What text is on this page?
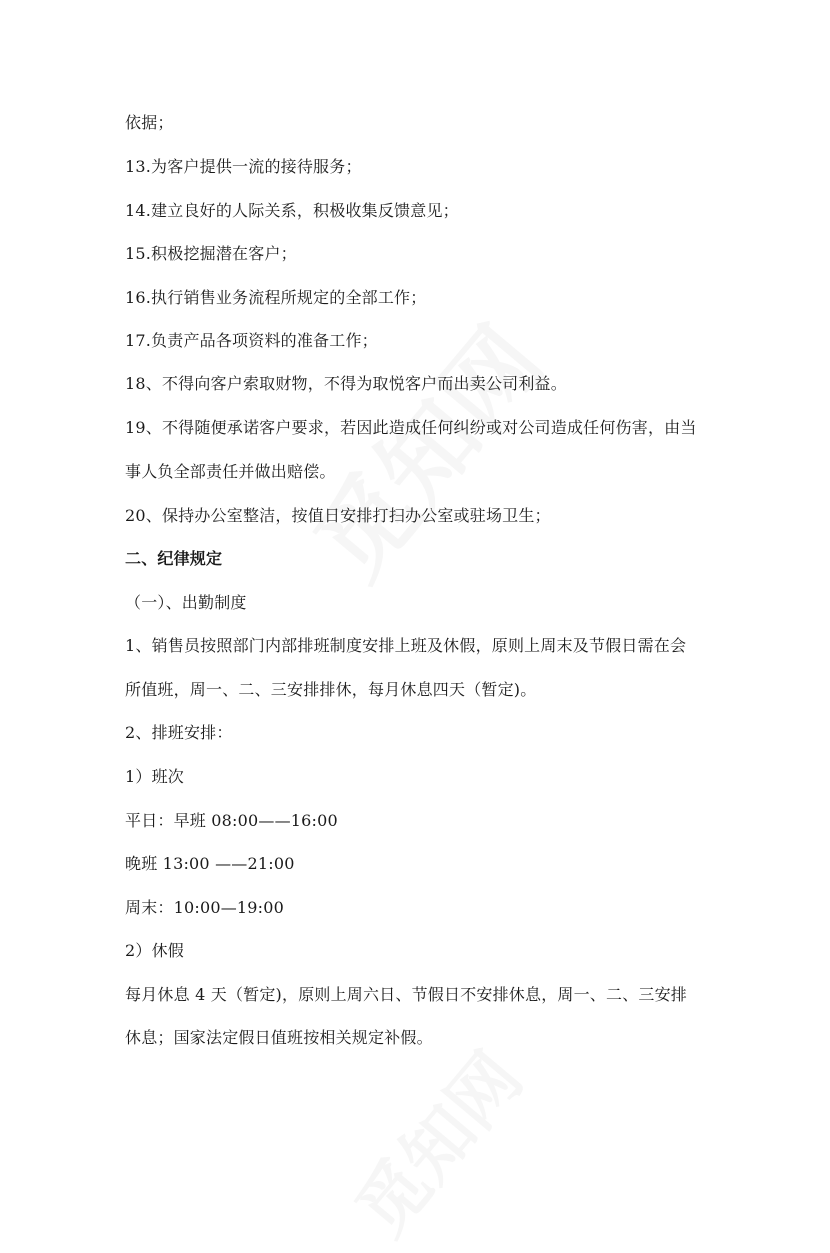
依据；
13.为客户提供一流的接待服务；
14.建立良好的人际关系，积极收集反馈意见；
15.积极挖掘潜在客户；
16.执行销售业务流程所规定的全部工作；
17.负责产品各项资料的准备工作；
18、不得向客户索取财物，不得为取悦客户而出卖公司利益。
19、不得随便承诺客户要求，若因此造成任何纠纷或对公司造成任何伤害，由当
事人负全部责任并做出赔偿。
20、保持办公室整洁，按值日安排打扫办公室或驻场卫生；
二、纪律规定
（一）、出勤制度
1、销售员按照部门内部排班制度安排上班及休假，原则上周末及节假日需在会
所值班，周一、二、三安排排休，每月休息四天（暂定)。
2、排班安排：
1）班次
平日：早班 08:00——16:00
晚班 13:00 ——21:00
周末：10:00—19:00
2）休假
每月休息 4 天（暂定)，原则上周六日、节假日不安排休息，周一、二、三安排
休息；国家法定假日值班按相关规定补假。
